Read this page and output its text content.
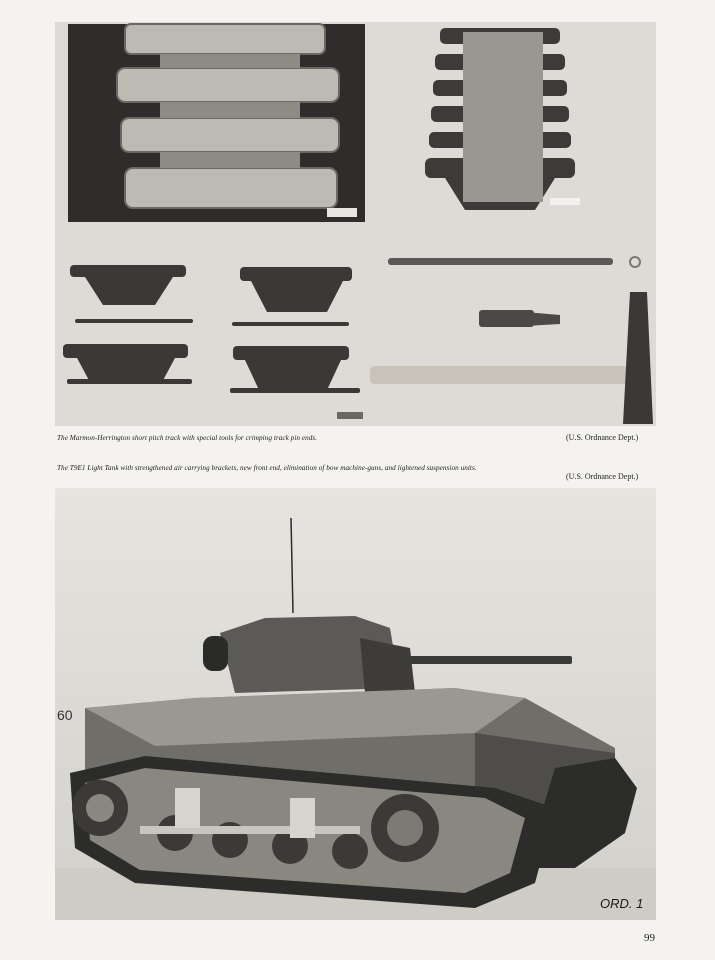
The Marmon-Herrington short pitch track with special tools for crimping track pin ends.	(U.S. Ordnance Dept.)
The T9E1 Light Tank with strengthened air carrying brackets, new front end, elimination of bow machine-guns, and lightened suspension units.
(U.S. Ordnance Dept.)
60
ORD. 1
99
